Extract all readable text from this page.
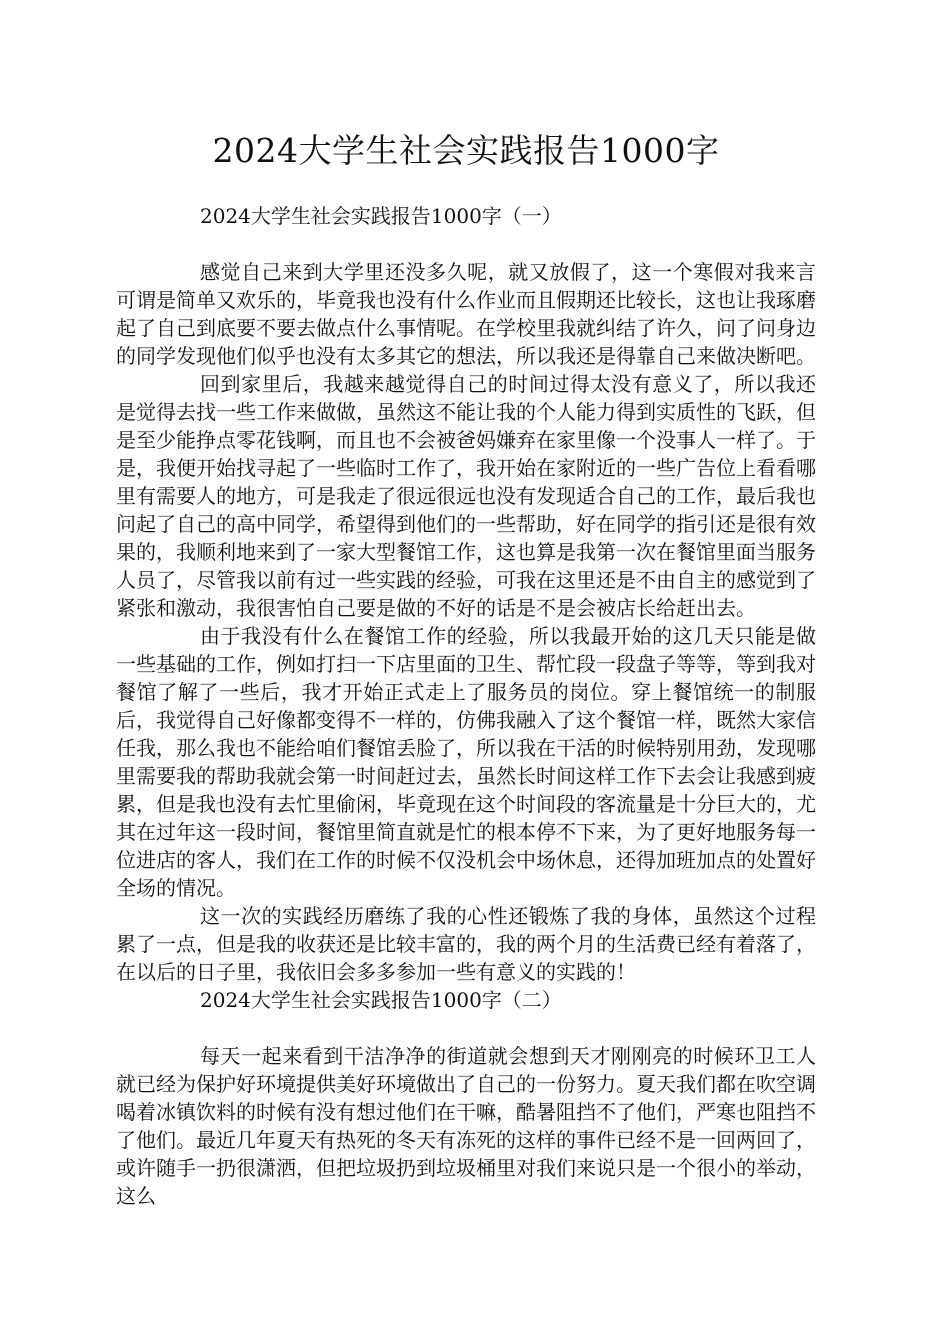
2024大学生社会实践报告1000字
2024大学生社会实践报告1000字（一）

感觉自己来到大学里还没多久呢，就又放假了，这一个寒假对我来言可谓是简单又欢乐的，毕竟我也没有什么作业而且假期还比较长，这也让我琢磨起了自己到底要不要去做点什么事情呢。在学校里我就纠结了许久，问了问身边的同学发现他们似乎也没有太多其它的想法，所以我还是得靠自己来做决断吧。

回到家里后，我越来越觉得自己的时间过得太没有意义了，所以我还是觉得去找一些工作来做做，虽然这不能让我的个人能力得到实质性的飞跃，但是至少能挣点零花钱啊，而且也不会被爸妈嫌弃在家里像一个没事人一样了。于是，我便开始找寻起了一些临时工作了，我开始在家附近的一些广告位上看看哪里有需要人的地方，可是我走了很远很远也没有发现适合自己的工作，最后我也问起了自己的高中同学，希望得到他们的一些帮助，好在同学的指引还是很有效果的，我顺利地来到了一家大型餐馆工作，这也算是我第一次在餐馆里面当服务人员了，尽管我以前有过一些实践的经验，可我在这里还是不由自主的感觉到了紧张和激动，我很害怕自己要是做的不好的话是不是会被店长给赶出去。

由于我没有什么在餐馆工作的经验，所以我最开始的这几天只能是做一些基础的工作，例如打扫一下店里面的卫生、帮忙段一段盘子等等，等到我对餐馆了解了一些后，我才开始正式走上了服务员的岗位。穿上餐馆统一的制服后，我觉得自己好像都变得不一样的，仿佛我融入了这个餐馆一样，既然大家信任我，那么我也不能给咱们餐馆丢脸了，所以我在干活的时候特别用劲，发现哪里需要我的帮助我就会第一时间赶过去，虽然长时间这样工作下去会让我感到疲累，但是我也没有去忙里偷闲，毕竟现在这个时间段的客流量是十分巨大的，尤其在过年这一段时间，餐馆里简直就是忙的根本停不下来，为了更好地服务每一位进店的客人，我们在工作的时候不仅没机会中场休息，还得加班加点的处置好全场的情况。

这一次的实践经历磨练了我的心性还锻炼了我的身体，虽然这个过程累了一点，但是我的收获还是比较丰富的，我的两个月的生活费已经有着落了，在以后的日子里，我依旧会多多参加一些有意义的实践的！

2024大学生社会实践报告1000字（二）

每天一起来看到干洁净净的街道就会想到天才刚刚亮的时候环卫工人就已经为保护好环境提供美好环境做出了自己的一份努力。夏天我们都在吹空调喝着冰镇饮料的时候有没有想过他们在干嘛，酷暑阻挡不了他们，严寒也阻挡不了他们。最近几年夏天有热死的冬天有冻死的这样的事件已经不是一回两回了，或许随手一扔很潇洒，但把垃圾扔到垃圾桶里对我们来说只是一个很小的举动，这么
